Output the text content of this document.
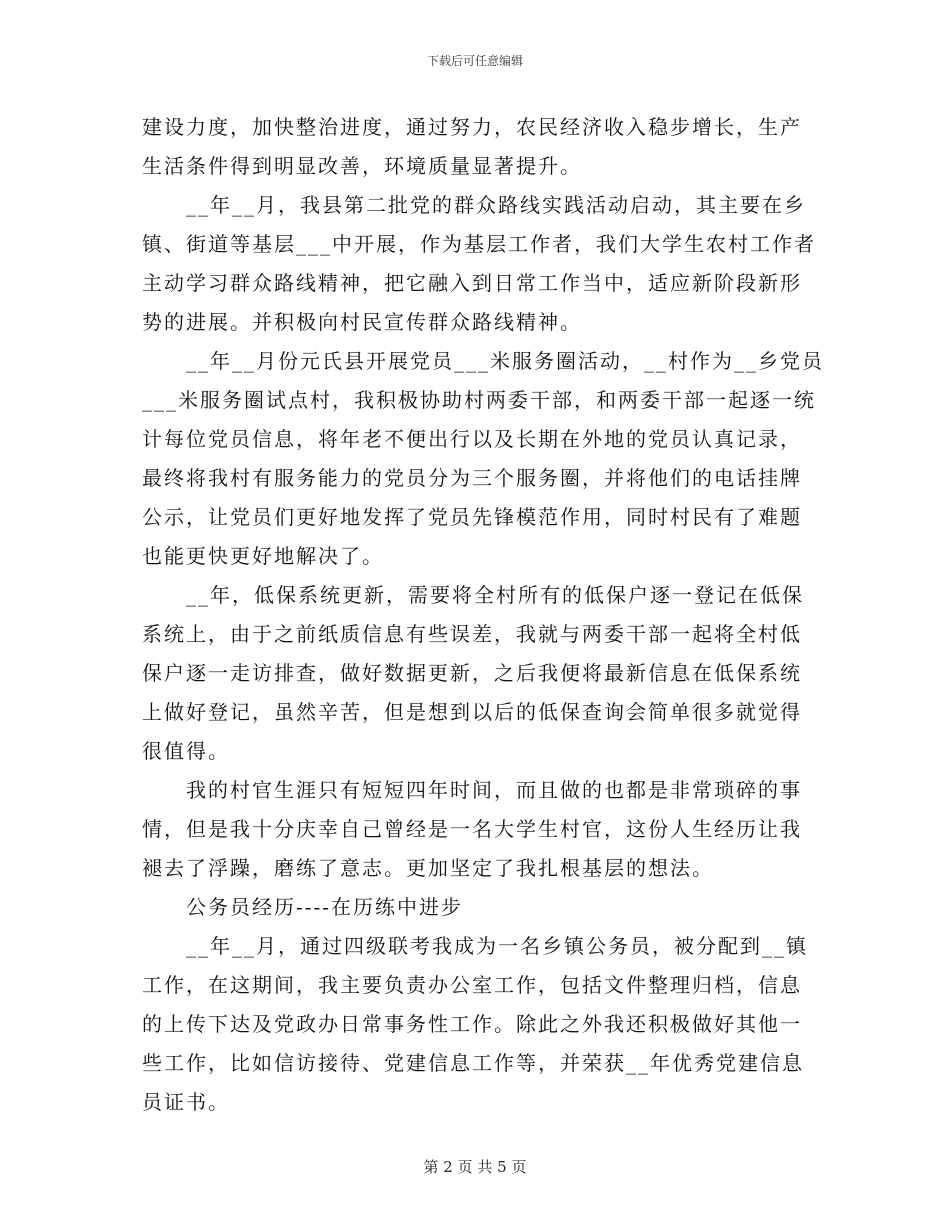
下载后可任意编辑
建设力度，加快整治进度，通过努力，农民经济收入稳步增长，生产
生活条件得到明显改善，环境质量显著提升。
　　__年__月，我县第二批党的群众路线实践活动启动，其主要在乡
镇、街道等基层___中开展，作为基层工作者，我们大学生农村工作者
主动学习群众路线精神，把它融入到日常工作当中，适应新阶段新形
势的进展。并积极向村民宣传群众路线精神。
　　__年__月份元氏县开展党员___米服务圈活动，__村作为__乡党员
___米服务圈试点村，我积极协助村两委干部，和两委干部一起逐一统
计每位党员信息，将年老不便出行以及长期在外地的党员认真记录，
最终将我村有服务能力的党员分为三个服务圈，并将他们的电话挂牌
公示，让党员们更好地发挥了党员先锋模范作用，同时村民有了难题
也能更快更好地解决了。
　　__年，低保系统更新，需要将全村所有的低保户逐一登记在低保
系统上，由于之前纸质信息有些误差，我就与两委干部一起将全村低
保户逐一走访排查，做好数据更新，之后我便将最新信息在低保系统
上做好登记，虽然辛苦，但是想到以后的低保查询会简单很多就觉得
很值得。
　　我的村官生涯只有短短四年时间，而且做的也都是非常琐碎的事
情，但是我十分庆幸自己曾经是一名大学生村官，这份人生经历让我
褪去了浮躁，磨练了意志。更加坚定了我扎根基层的想法。
　　公务员经历----在历练中进步
　　__年__月，通过四级联考我成为一名乡镇公务员，被分配到__镇
工作，在这期间，我主要负责办公室工作，包括文件整理归档，信息
的上传下达及党政办日常事务性工作。除此之外我还积极做好其他一
些工作，比如信访接待、党建信息工作等，并荣获__年优秀党建信息
员证书。
第 2 页 共 5 页
